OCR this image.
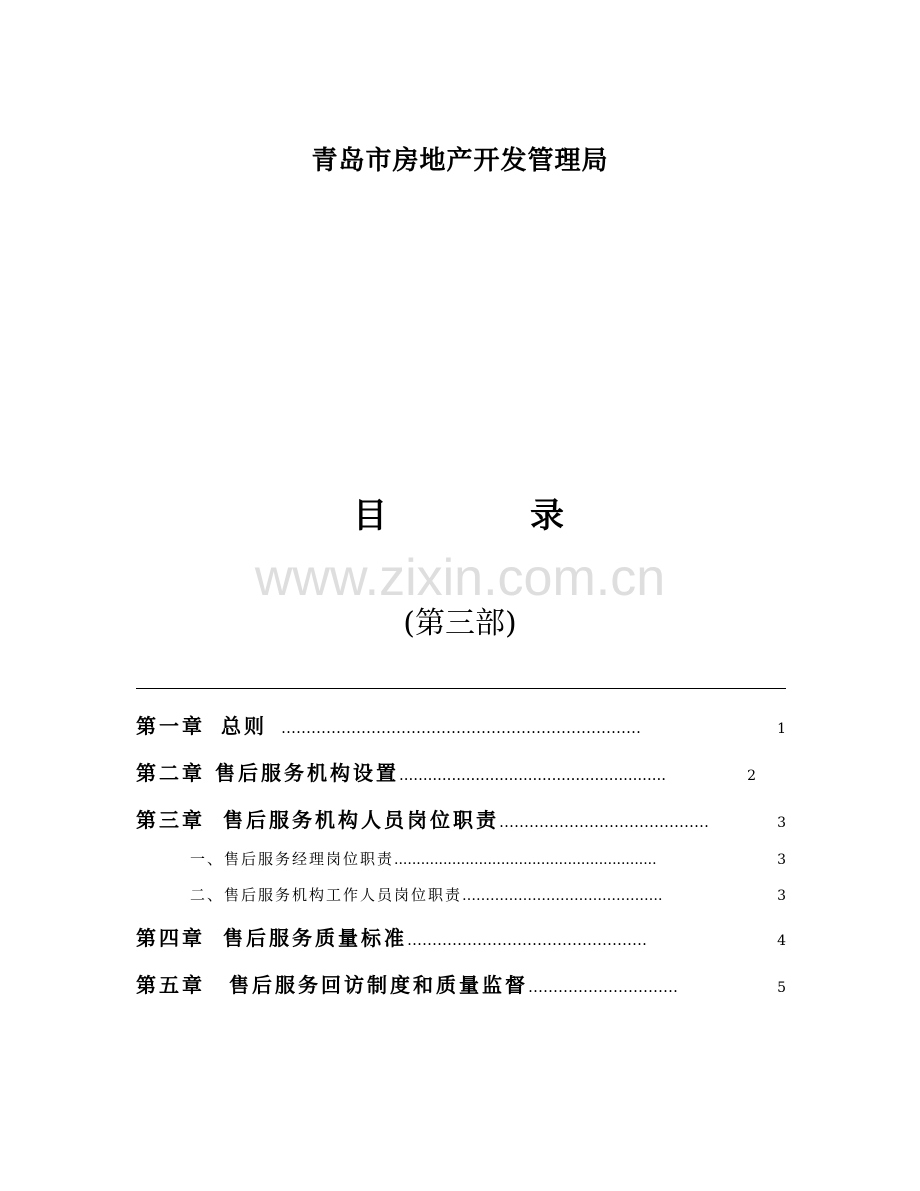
青岛市房地产开发管理局
目	录
www.zixin.com.cn
(第三部)
第一章 总则 ………………………………………………………………	1
第二章 售后服务机构设置 ........................................................	2
第三章 售后服务机构人员岗位职责 ……………………………………	3
一、售后服务经理岗位职责 ...........................................................	3
二、售后服务机构工作人员岗位职责 …………………………………….	3
第四章 售后服务质量标准 …………………………………………	4
第五章 售后服务回访制度和质量监督 …………………………	5
